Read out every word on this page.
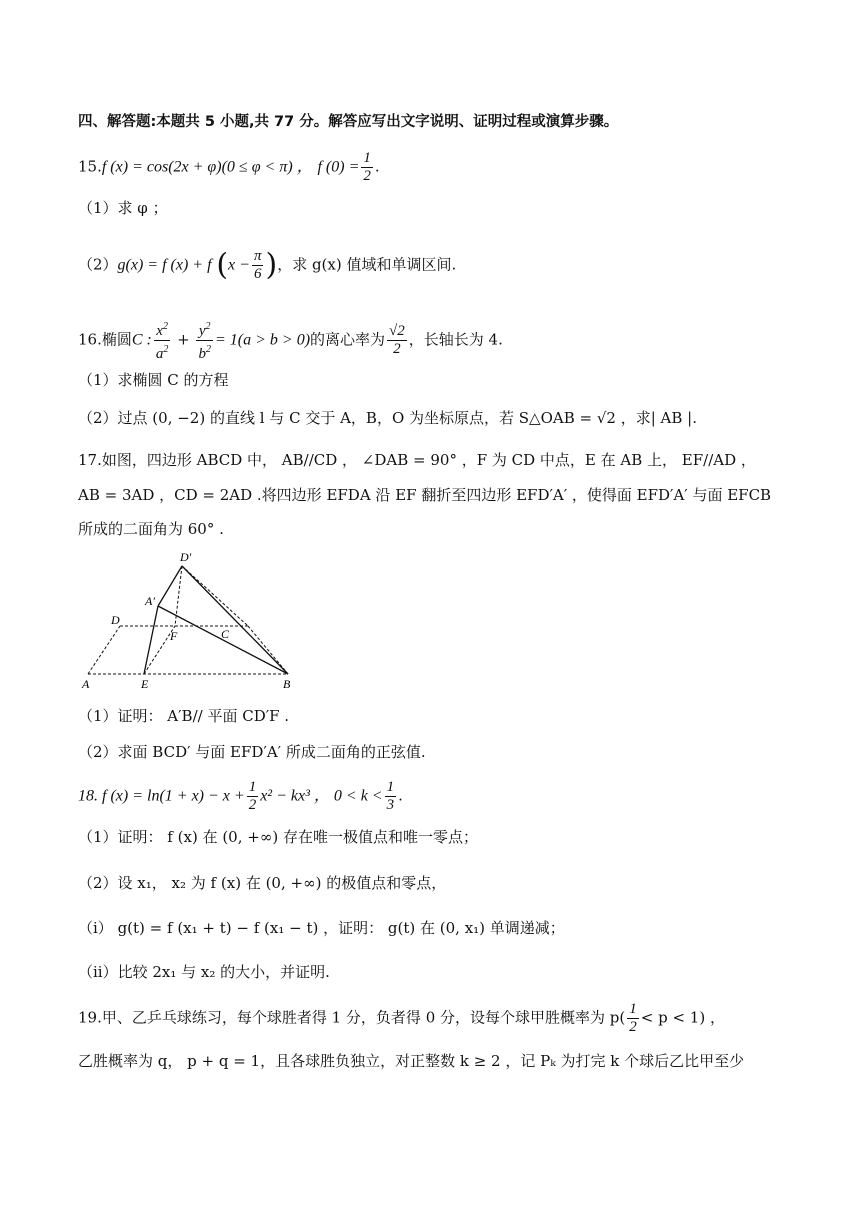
四、解答题:本题共 5 小题,共 77 分。解答应写出文字说明、证明过程或演算步骤。
15.f (x) = cos(2x + φ)(0 ≤ φ < π) ， f $(0) = \frac{1}{2}$ .
（1）求 φ ；
（2）g(x) = f (x) + f ($x - \frac{\pi}{6}$ )，求 g(x) 值域和单调区间.
16.椭圆C : $\frac{x^2}{a^2} + \frac{y^2}{b^2} = 1(a > b > 0)$的离心率为 $\frac{√2}{2}$ ，长轴长为 4.
（1）求椭圆 C 的方程
（2）过点 (0, −2) 的直线 l 与 C 交于 A，B，O 为坐标原点，若 S△OAB = √2 ，求| AB |.
17.如图，四边形 ABCD 中， AB//CD ， ∠DAB = 90° ，F 为 CD 中点，E 在 AB 上， EF//AD ，
AB = 3AD ，CD = 2AD .将四边形 EFDA 沿 EF 翻折至四边形 EFD′A′ ，使得面 EFD′A′ 与面 EFCB
所成的二面角为 60° .
D′
A′
D
F	C
A	E	B
（1）证明： A′B// 平面 CD′F .
（2）求面 BCD′ 与面 EFD′A′ 所成二面角的正弦值.
18. f $(x) = \ln(1 + x) - x + \frac{1}{2} x^2 - kx^3$ ， $0 < k < \frac{1}{3}$ .
（1）证明： f (x) 在 (0, +∞) 存在唯一极值点和唯一零点；
（2）设 x₁， x₂ 为 f (x) 在 (0, +∞) 的极值点和零点，
（i） g(t) = f (x₁ + t) − f (x₁ − t) ，证明： g(t) 在 (0, x₁) 单调递减；
（ii）比较 2x₁ 与 x₂ 的大小，并证明.
19.甲、乙乒乓球练习，每个球胜者得 1 分，负者得 0 分，设每个球甲胜概率为 $p( \frac{1}{2} < p < 1)$ ，
乙胜概率为 q， p + q = 1，且各球胜负独立，对正整数 k ≥ 2 ，记 Pₖ 为打完 k 个球后乙比甲至少
